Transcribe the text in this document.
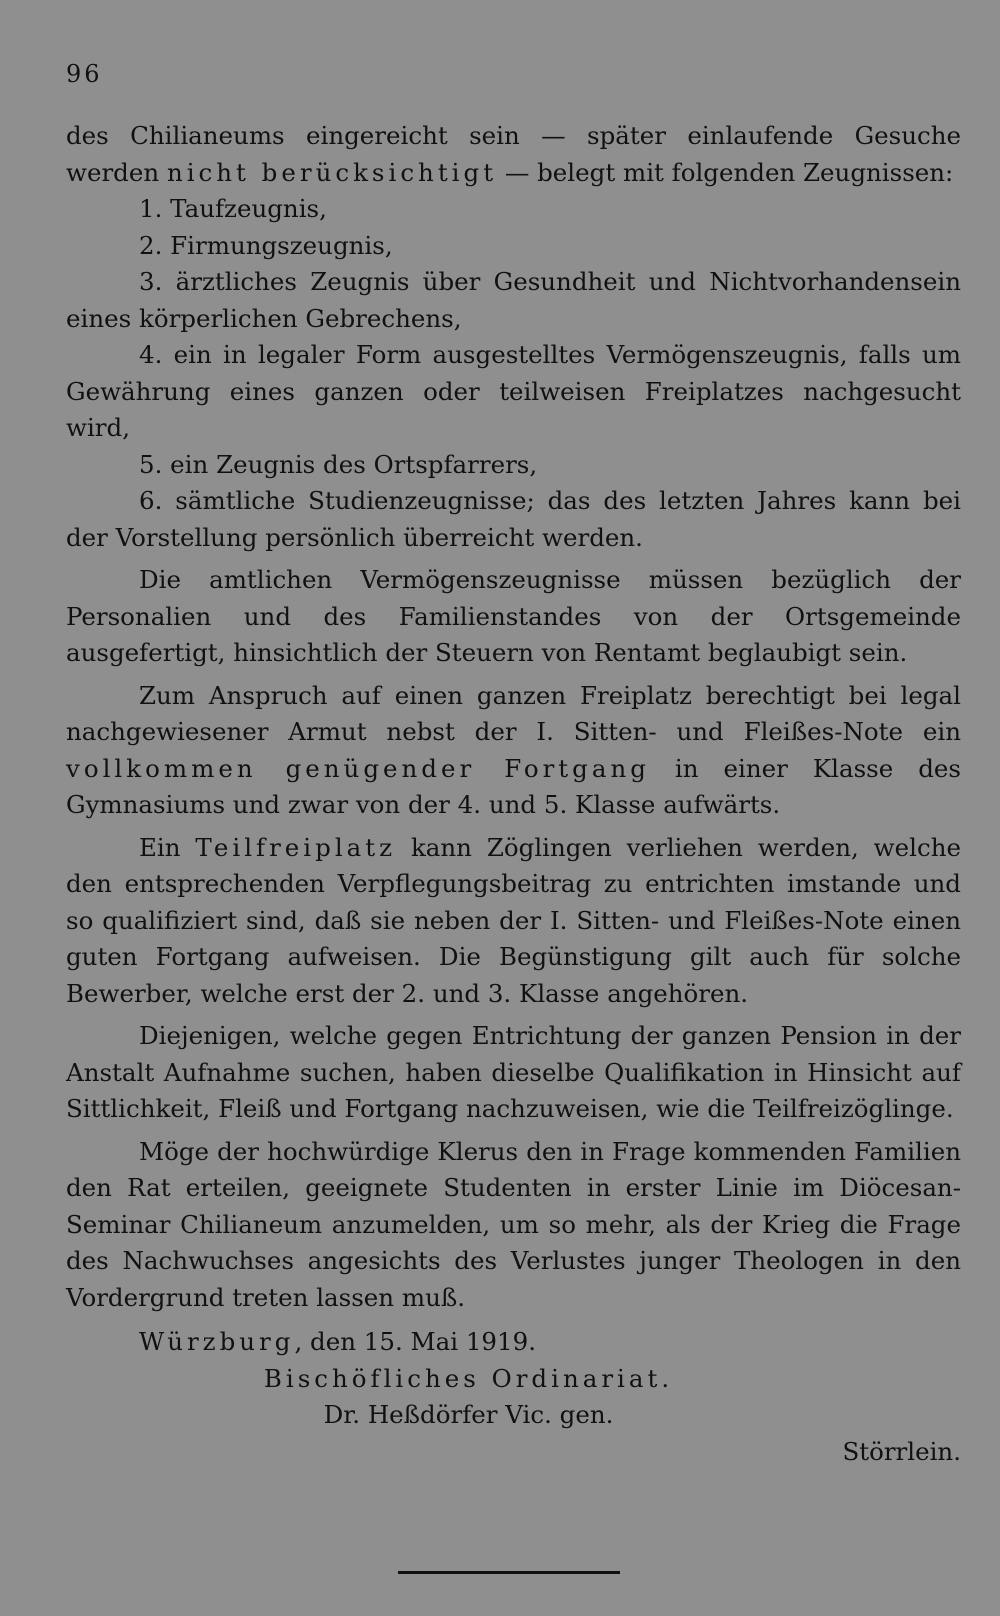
96

des Chilianeums eingereicht sein — später einlaufende Gesuche werden nicht berücksichtigt — belegt mit folgenden Zeugnissen:

1. Taufzeugnis,
2. Firmungszeugnis,
3. ärztliches Zeugnis über Gesundheit und Nichtvorhandensein eines körperlichen Gebrechens,
4. ein in legaler Form ausgestelltes Vermögenszeugnis, falls um Gewährung eines ganzen oder teilweisen Freiplatzes nachgesucht wird,
5. ein Zeugnis des Ortspfarrers,
6. sämtliche Studienzeugnisse; das des letzten Jahres kann bei der Vorstellung persönlich überreicht werden.

Die amtlichen Vermögenszeugnisse müssen bezüglich der Personalien und des Familienstandes von der Ortsgemeinde ausgefertigt, hinsichtlich der Steuern von Rentamt beglaubigt sein.

Zum Anspruch auf einen ganzen Freiplatz berechtigt bei legal nachgewiesener Armut nebst der I. Sitten- und Fleißes-Note ein vollkommen genügender Fortgang in einer Klasse des Gymnasiums und zwar von der 4. und 5. Klasse aufwärts.

Ein Teilfreiplatz kann Zöglingen verliehen werden, welche den entsprechenden Verpflegungsbeitrag zu entrichten imstande und so qualifiziert sind, daß sie neben der I. Sitten- und Fleißes-Note einen guten Fortgang aufweisen. Die Begünstigung gilt auch für solche Bewerber, welche erst der 2. und 3. Klasse angehören.

Diejenigen, welche gegen Entrichtung der ganzen Pension in der Anstalt Aufnahme suchen, haben dieselbe Qualifikation in Hinsicht auf Sittlichkeit, Fleiß und Fortgang nachzuweisen, wie die Teilfreizöglinge.

Möge der hochwürdige Klerus den in Frage kommenden Familien den Rat erteilen, geeignete Studenten in erster Linie im Diöcesan-Seminar Chilianeum anzumelden, um so mehr, als der Krieg die Frage des Nachwuchses angesichts des Verlustes junger Theologen in den Vordergrund treten lassen muß.

Würzburg, den 15. Mai 1919.

Bischöfliches Ordinariat.

Dr. Heßdörfer Vic. gen.

Störrlein.
